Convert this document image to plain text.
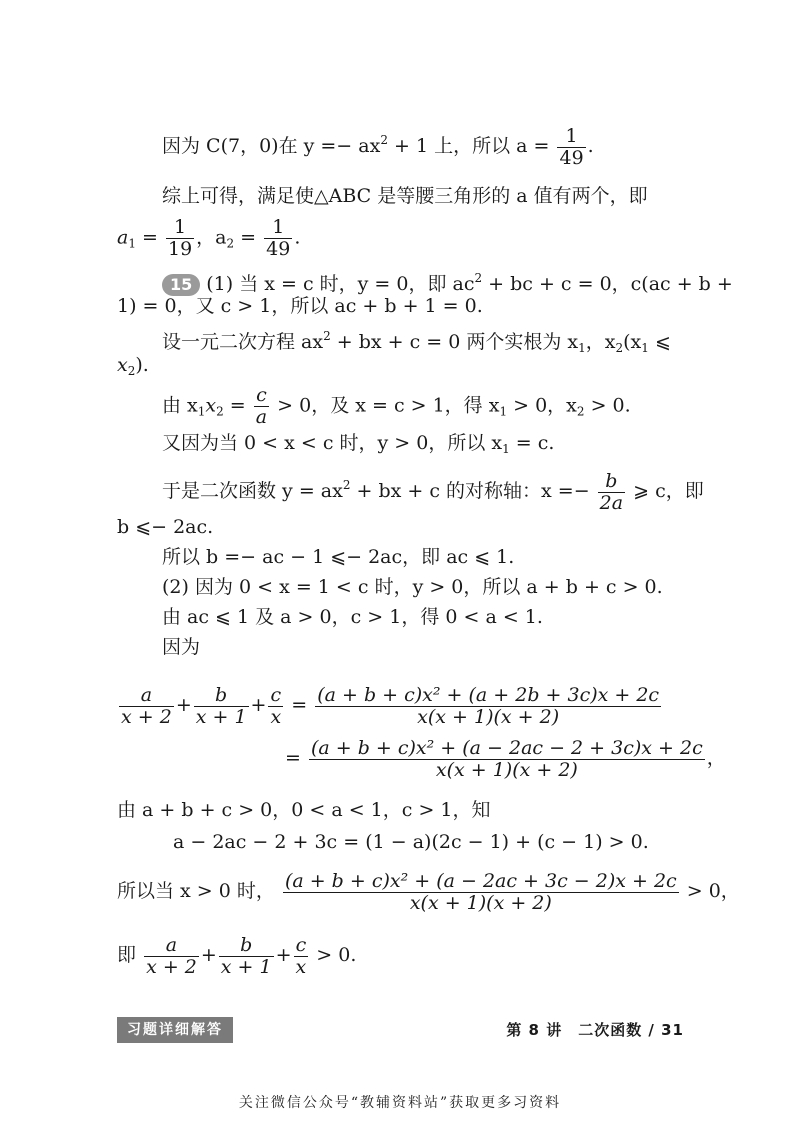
因为 C(7，0)在 $y =- ax^2 + 1$ 上，所以 $a = \frac{1}{49}$ .
综上可得，满足使△ABC 是等腰三角形的 a 值有两个，即
$a_1 = \frac{1}{19}$ ，$a_2 = \frac{1}{49}$ .
15 (1) 当 x = c 时，y = 0，即 $ac^2$ + bc + c = 0，c(ac + b +
1) = 0，又 c > 1，所以 ac + b + 1 = 0.
设一元二次方程 $ax^2$ + bx + c = 0 两个实根为 $x_1$，$x_2(x_1$ ⩽
$x_2$).
由 $x_1x_2 = \frac{c}{a} > 0$，及 x = c > 1，得 $x_1 > 0$，$x_2 > 0$.
又因为当 0 < x < c 时，y > 0，所以 $x_1 = c$.
于是二次函数 $y = ax^2$ + bx + c 的对称轴：$x =- \frac{b}{2a}$ ⩾ c，即
b ⩽− 2ac.
所以 b =− ac − 1 ⩽− 2ac，即 ac ⩽ 1.
(2) 因为 0 < x = 1 < c 时，y > 0，所以 a + b + c > 0.
由 ac ⩽ 1 及 a > 0，c > 1，得 0 < a < 1.
因为
$\frac{a}{x + 2} + \frac{b}{x + 1} + \frac{c}{x} = \frac{\text{(a + b + c)x² + (a + 2b + 3c)x + 2c}}{x(x + 1)(x + 2)}$
= $\frac{\text{(a + b + c)x² + (a − 2ac − 2 + 3c)x + 2c}}{x(x + 1)(x + 2)}$ ，
由 a + b + c > 0，0 < a < 1，c > 1，知
a − 2ac − 2 + 3c = (1 − a)(2c − 1) + (c − 1) > 0.
所以当 x > 0 时， $\frac{\text{(a + b + c)x² + (a − 2ac + 3c − 2)x + 2c}}{x(x + 1)(x + 2)} > 0$，
即 $\frac{a}{x + 2} + \frac{b}{x + 1} + \frac{c}{x} > 0$.
习题详细解答	第 8 讲　二次函数 / 31
关注微信公众号“教辅资料站”获取更多习资料
